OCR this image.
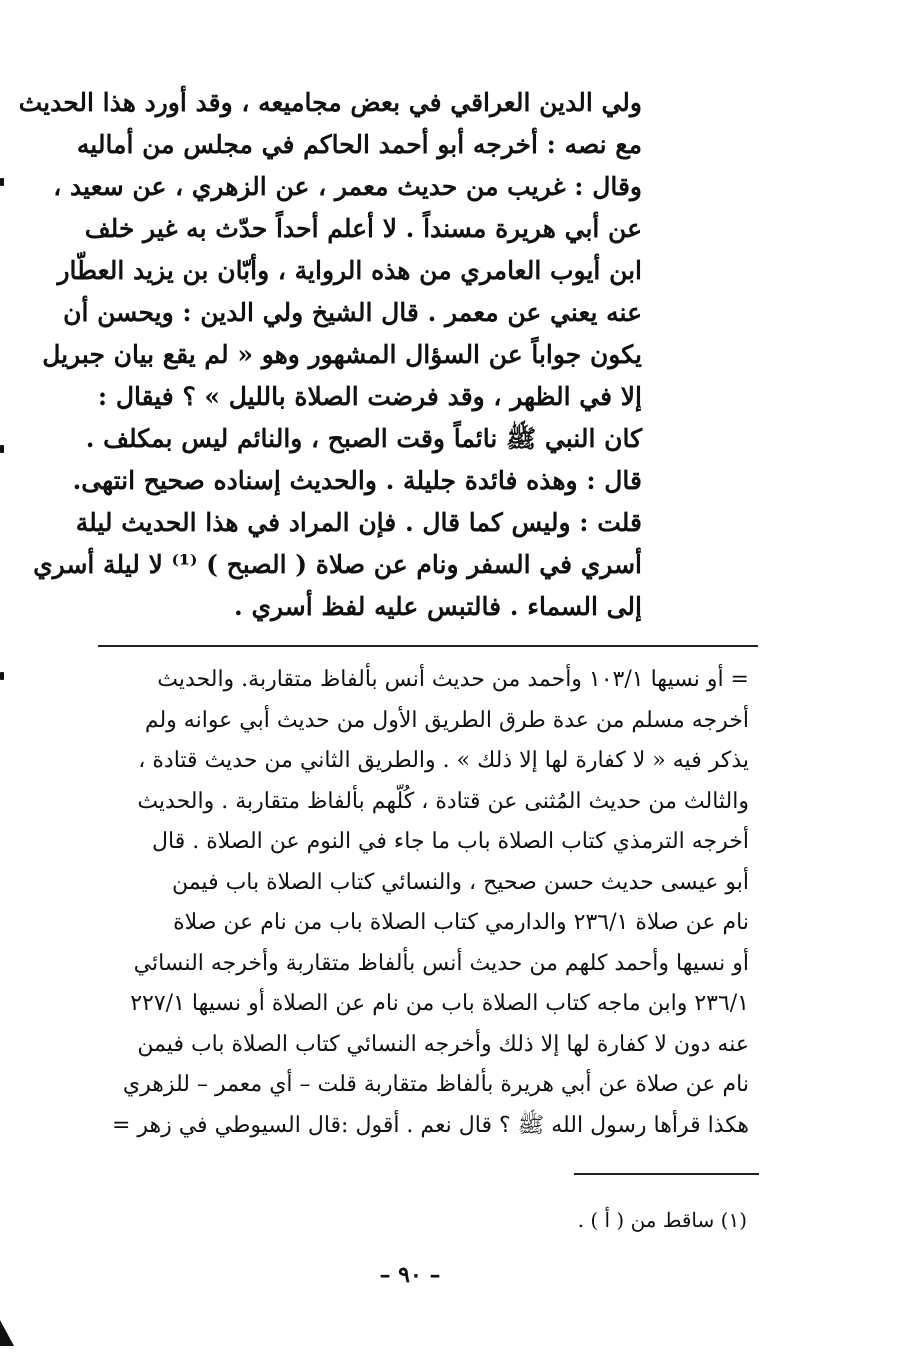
ولي الدين العراقي في بعض مجاميعه ، وقد أورد هذا الحديث
مع نصه : أخرجه أبو أحمد الحاكم في مجلس من أماليه
وقال : غريب من حديث معمر ، عن الزهري ، عن سعيد ،
عن أبي هريرة مسنداً . لا أعلم أحداً حدّث به غير خلف
ابن أيوب العامري من هذه الرواية ، وأبّان بن يزيد العطّار
عنه يعني عن معمر . قال الشيخ ولي الدين : ويحسن أن
يكون جواباً عن السؤال المشهور وهو « لم يقع بيان جبريل
إلا في الظهر ، وقد فرضت الصلاة بالليل » ؟ فيقال :
كان النبي ﷺ نائماً وقت الصبح ، والنائم ليس بمكلف .
قال : وهذه فائدة جليلة . والحديث إسناده صحيح انتهى.
قلت : وليس كما قال . فإن المراد في هذا الحديث ليلة
أسري في السفر ونام عن صلاة ( الصبح ) ⁽¹⁾ لا ليلة أسري
إلى السماء . فالتبس عليه لفظ أسري .
= أو نسيها ١٠٣/١ وأحمد من حديث أنس بألفاظ متقاربة. والحديث
أخرجه مسلم من عدة طرق الطريق الأول من حديث أبي عوانه ولم
يذكر فيه « لا كفارة لها إلا ذلك » . والطريق الثاني من حديث قتادة ،
والثالث من حديث المُثنى عن قتادة ، كُلّهم بألفاظ متقاربة . والحديث
أخرجه الترمذي كتاب الصلاة باب ما جاء في النوم عن الصلاة . قال
أبو عيسى حديث حسن صحيح ، والنسائي كتاب الصلاة باب فيمن
نام عن صلاة ٢٣٦/١ والدارمي كتاب الصلاة باب من نام عن صلاة
أو نسيها وأحمد كلهم من حديث أنس بألفاظ متقاربة وأخرجه النسائي
٢٣٦/١ وابن ماجه كتاب الصلاة باب من نام عن الصلاة أو نسيها ٢٢٧/١
عنه دون لا كفارة لها إلا ذلك وأخرجه النسائي كتاب الصلاة باب فيمن
نام عن صلاة عن أبي هريرة بألفاظ متقاربة قلت – أي معمر – للزهري
هكذا قرأها رسول الله ﷺ ؟ قال نعم . أقول :قال السيوطي في زهر =
(١) ساقط من ( أ ) .
– ٩٠ –
